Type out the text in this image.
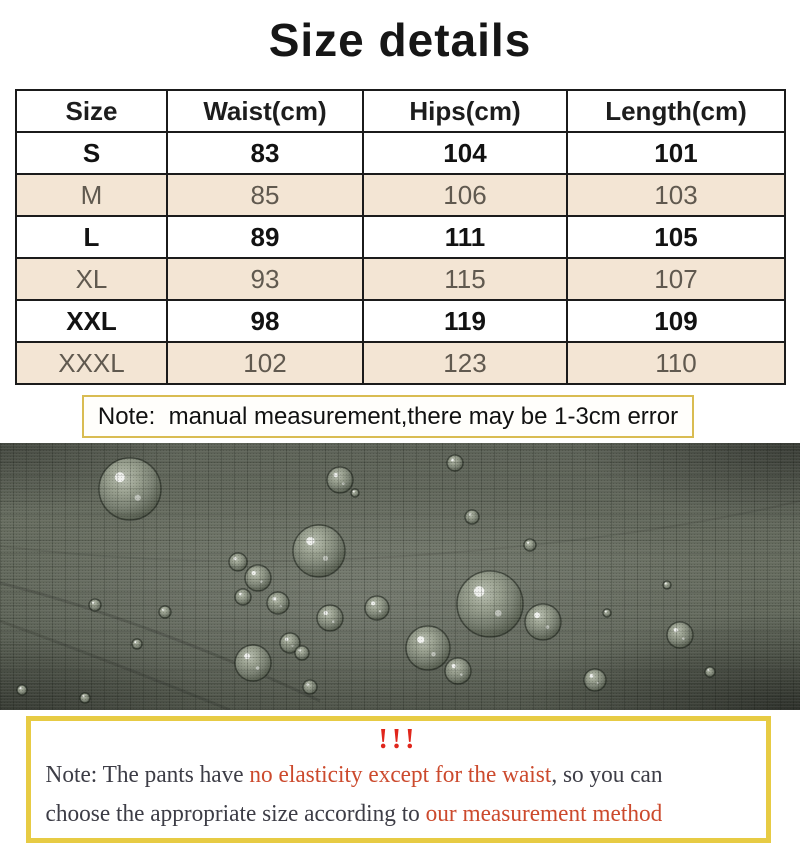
Size details
Size	Waist(cm)	Hips(cm)	Length(cm)
S	83	104	101
M	85	106	103
L	89	111	105
XL	93	115	107
XXL	98	119	109
XXXL	102	123	110
Note:  manual measurement,there may be 1-3cm error
!!!
Note: The pants have no elasticity except for the waist, so you can
choose the appropriate size according to our measurement method
